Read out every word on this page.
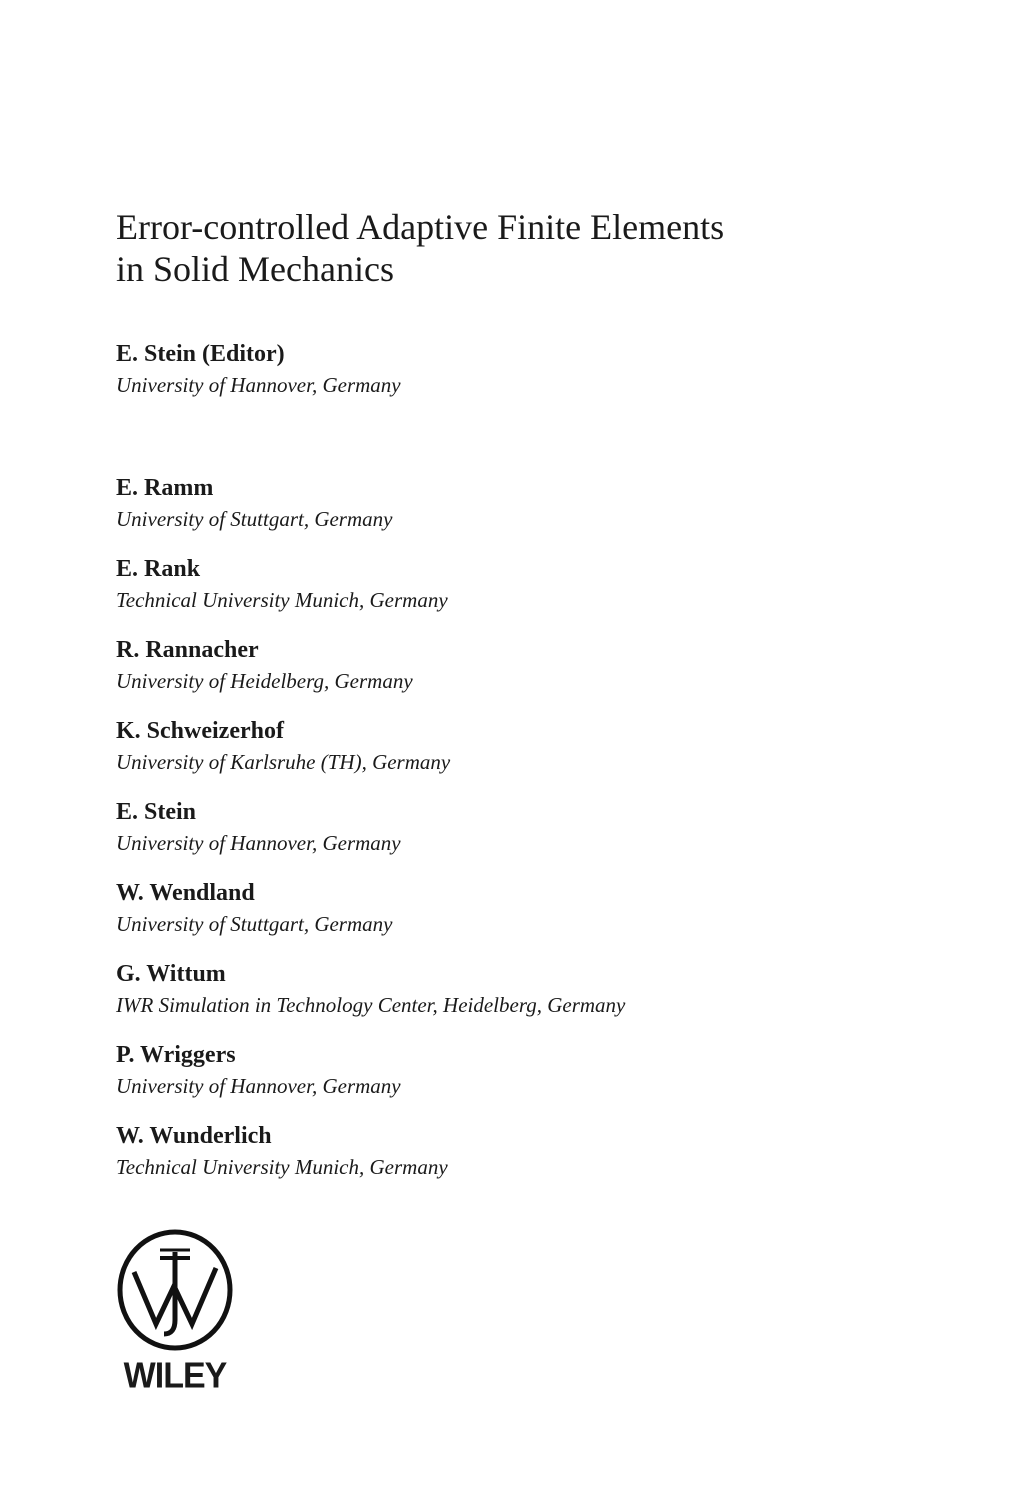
Error-controlled Adaptive Finite Elements
in Solid Mechanics

E. Stein (Editor)

University of Hannover, Germany

E. Ramm

University of Stuttgart, Germany

E. Rank

Technical University Munich, Germany

R. Rannacher

University of Heidelberg, Germany

K. Schweizerhof

University of Karlsruhe (TH), Germany

E. Stein

University of Hannover, Germany

W. Wendland

University of Stuttgart, Germany

G. Wittum

IWR Simulation in Technology Center, Heidelberg, Germany

P. Wriggers

University of Hannover, Germany

W. Wunderlich

Technical University Munich, Germany

WILEY
